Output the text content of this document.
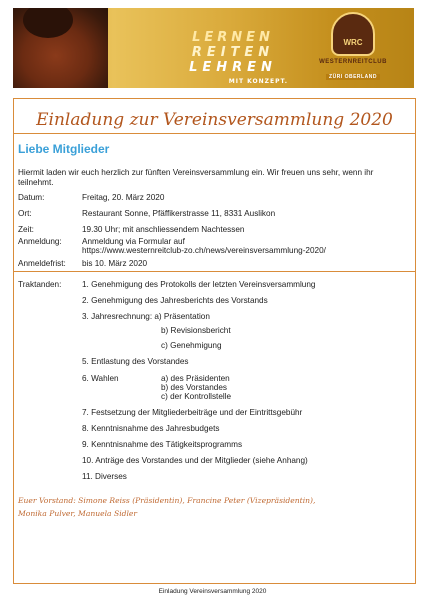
LERNEN
REITEN
LEHREN
MIT KONZEPT.
WRC
WESTERNREITCLUB
ZÜRI OBERLAND
Einladung zur Vereinsversammlung 2020
Liebe Mitglieder
Hiermit laden wir euch herzlich zur fünften Vereinsversammlung ein. Wir freuen uns sehr, wenn ihr teilnehmt.
Datum:	Freitag, 20. März 2020
Ort:	Restaurant Sonne, Pfäffikerstrasse 11, 8331 Auslikon
Zeit:	19.30 Uhr; mit anschliessendem Nachtessen
Anmeldung:	Anmeldung via Formular auf
https://www.westernreitclub-zo.ch/news/vereinsversammlung-2020/
Anmeldefrist:	bis 10. März 2020
Traktanden:	1. Genehmigung des Protokolls der letzten Vereinsversammlung
2. Genehmigung des Jahresberichts des Vorstands
3. Jahresrechnung: a) Präsentation
b) Revisionsbericht
c) Genehmigung
5. Entlastung des Vorstandes
6. Wahlen	a) des Präsidenten
b) des Vorstandes
c) der Kontrollstelle
7. Festsetzung der Mitgliederbeiträge und der Eintrittsgebühr
8. Kenntnisnahme des Jahresbudgets
9. Kenntnisnahme des Tätigkeitsprogramms
10. Anträge des Vorstandes und der Mitglieder (siehe Anhang)
11. Diverses
Euer Vorstand: Simone Reiss (Präsidentin), Francine Peter (Vizepräsidentin),
Monika Pulver, Manuela Sidler
Einladung Vereinsversammlung 2020
